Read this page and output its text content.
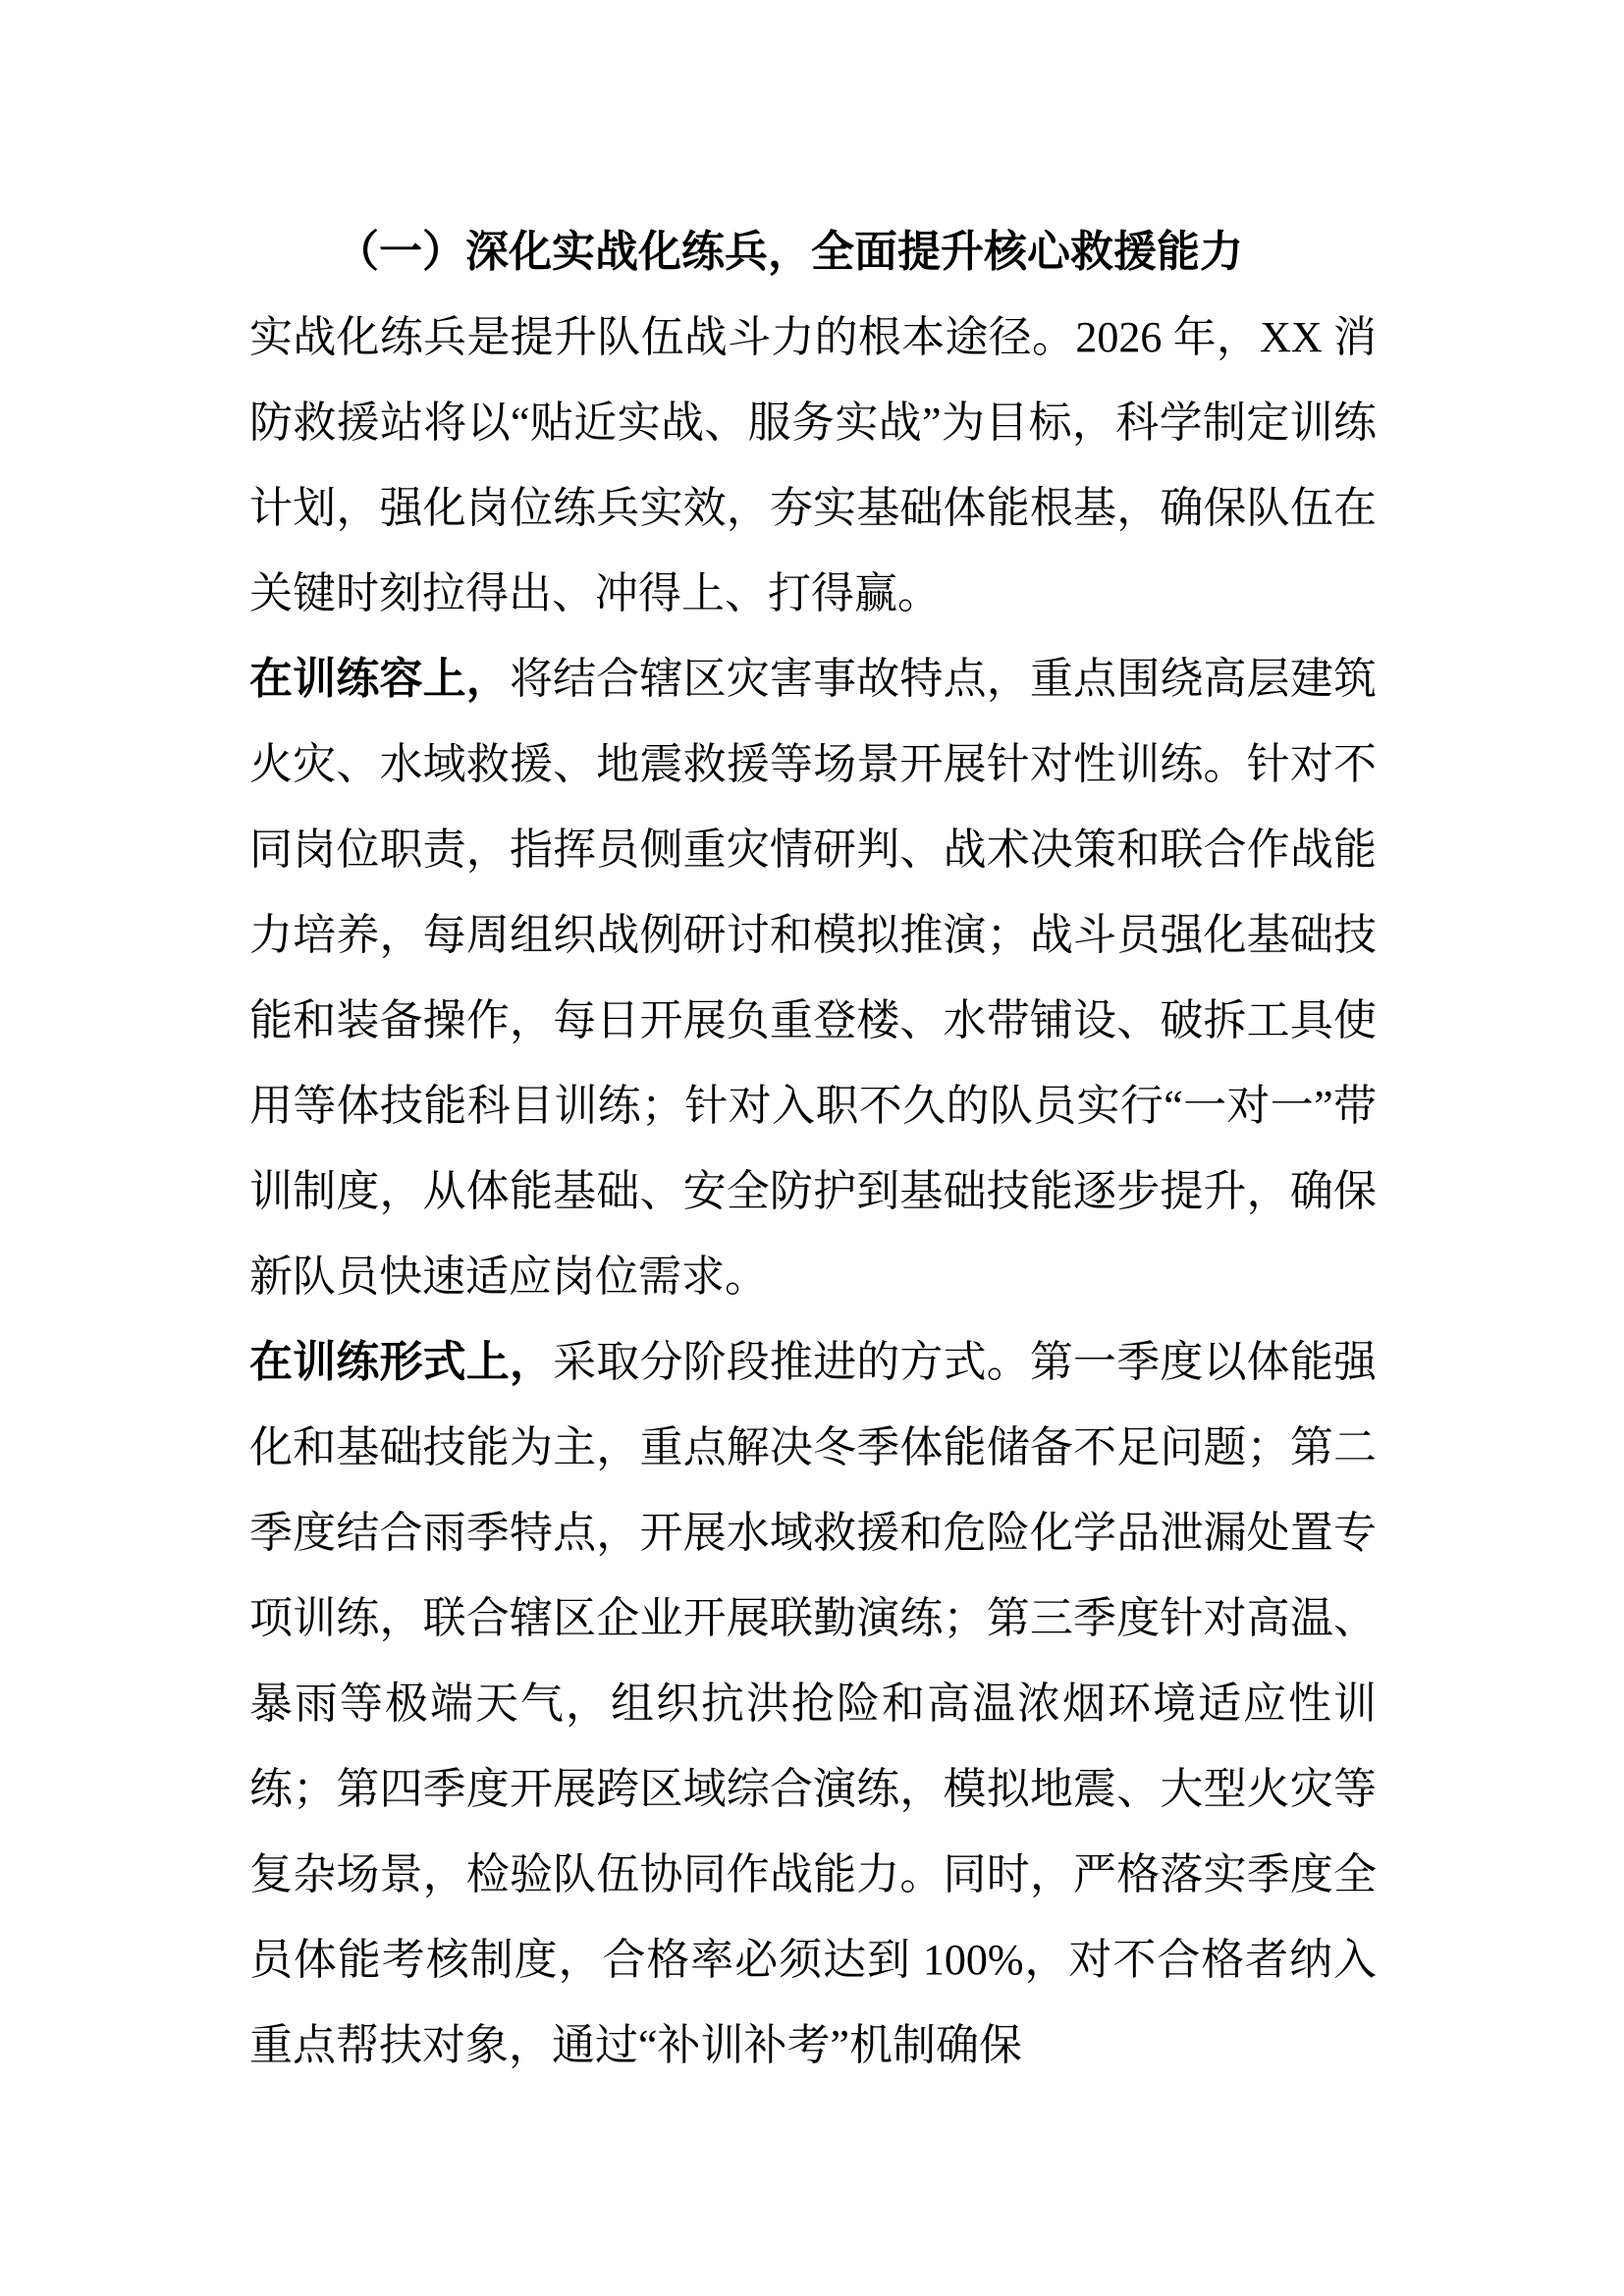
（一）深化实战化练兵，全面提升核心救援能力

实战化练兵是提升队伍战斗力的根本途径。2026 年，XX 消防救援站将以“贴近实战、服务实战”为目标，科学制定训练计划，强化岗位练兵实效，夯实基础体能根基，确保队伍在关键时刻拉得出、冲得上、打得赢。

在训练容上，将结合辖区灾害事故特点，重点围绕高层建筑火灾、水域救援、地震救援等场景开展针对性训练。针对不同岗位职责，指挥员侧重灾情研判、战术决策和联合作战能力培养，每周组织战例研讨和模拟推演；战斗员强化基础技能和装备操作，每日开展负重登楼、水带铺设、破拆工具使用等体技能科目训练；针对入职不久的队员实行“一对一”带训制度，从体能基础、安全防护到基础技能逐步提升，确保新队员快速适应岗位需求。

在训练形式上，采取分阶段推进的方式。第一季度以体能强化和基础技能为主，重点解决冬季体能储备不足问题；第二季度结合雨季特点，开展水域救援和危险化学品泄漏处置专项训练，联合辖区企业开展联勤演练；第三季度针对高温、暴雨等极端天气，组织抗洪抢险和高温浓烟环境适应性训练；第四季度开展跨区域综合演练，模拟地震、大型火灾等复杂场景，检验队伍协同作战能力。同时，严格落实季度全员体能考核制度，合格率必须达到 100%，对不合格者纳入重点帮扶对象，通过“补训补考”机制确保
